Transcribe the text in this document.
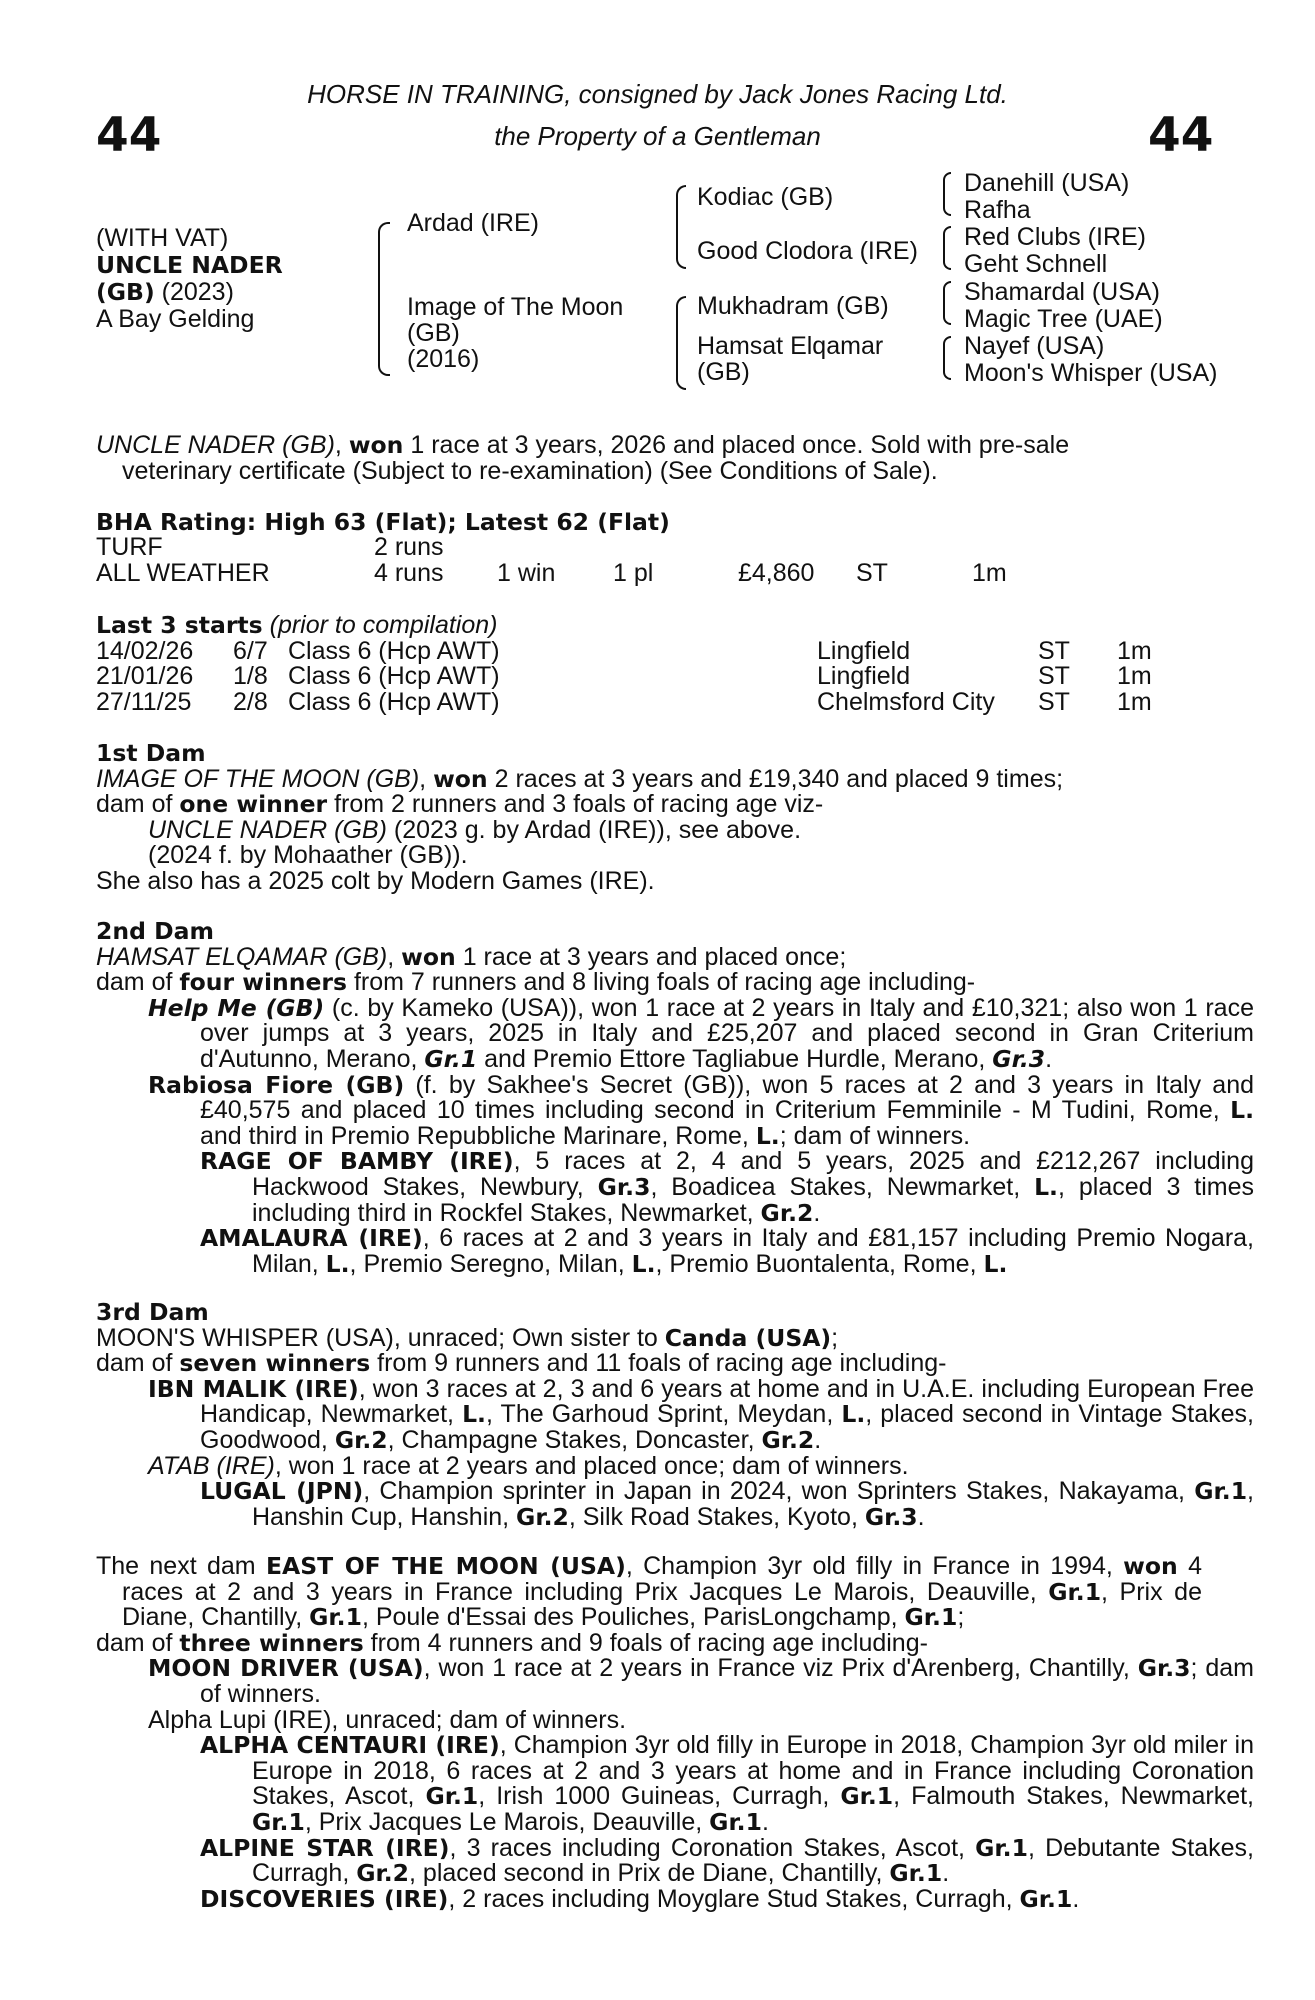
44	44
HORSE IN TRAINING, consigned by Jack Jones Racing Ltd.
the Property of a Gentleman
(WITH VAT)
UNCLE NADER
(GB) (2023)
A Bay Gelding
Ardad (IRE)
Image of The Moon
(GB)
(2016)
Kodiac (GB)
Good Clodora (IRE)
Mukhadram (GB)
Hamsat Elqamar
(GB)
Danehill (USA)
Rafha
Red Clubs (IRE)
Geht Schnell
Shamardal (USA)
Magic Tree (UAE)
Nayef (USA)
Moon's Whisper (USA)
UNCLE NADER (GB), won 1 race at 3 years, 2026 and placed once. Sold with pre-sale
veterinary certificate (Subject to re-examination) (See Conditions of Sale).
BHA Rating: High 63 (Flat); Latest 62 (Flat)
TURF	2 runs
ALL WEATHER	4 runs 1 win 1 pl	£4,860 ST	1m
Last 3 starts (prior to compilation)
14/02/26 6/7 Class 6 (Hcp AWT)	Lingfield	ST 1m
21/01/26 1/8 Class 6 (Hcp AWT)	Lingfield	ST 1m
27/11/25 2/8 Class 6 (Hcp AWT)	Chelmsford City ST 1m
1st Dam
IMAGE OF THE MOON (GB), won 2 races at 3 years and £19,340 and placed 9 times;
dam of one winner from 2 runners and 3 foals of racing age viz-
UNCLE NADER (GB) (2023 g. by Ardad (IRE)), see above.
(2024 f. by Mohaather (GB)).
She also has a 2025 colt by Modern Games (IRE).
2nd Dam
HAMSAT ELQAMAR (GB), won 1 race at 3 years and placed once;
dam of four winners from 7 runners and 8 living foals of racing age including-
Help Me (GB) (c. by Kameko (USA)), won 1 race at 2 years in Italy and £10,321; also won 1 race over jumps at 3 years, 2025 in Italy and £25,207 and placed second in Gran Criterium d'Autunno, Merano, Gr.1 and Premio Ettore Tagliabue Hurdle, Merano, Gr.3.
Rabiosa Fiore (GB) (f. by Sakhee's Secret (GB)), won 5 races at 2 and 3 years in Italy and £40,575 and placed 10 times including second in Criterium Femminile - M Tudini, Rome, L. and third in Premio Repubbliche Marinare, Rome, L.; dam of winners.
RAGE OF BAMBY (IRE), 5 races at 2, 4 and 5 years, 2025 and £212,267 including Hackwood Stakes, Newbury, Gr.3, Boadicea Stakes, Newmarket, L., placed 3 times including third in Rockfel Stakes, Newmarket, Gr.2.
AMALAURA (IRE), 6 races at 2 and 3 years in Italy and £81,157 including Premio Nogara, Milan, L., Premio Seregno, Milan, L., Premio Buontalenta, Rome, L.
3rd Dam
MOON'S WHISPER (USA), unraced; Own sister to Canda (USA);
dam of seven winners from 9 runners and 11 foals of racing age including-
IBN MALIK (IRE), won 3 races at 2, 3 and 6 years at home and in U.A.E. including European Free Handicap, Newmarket, L., The Garhoud Sprint, Meydan, L., placed second in Vintage Stakes, Goodwood, Gr.2, Champagne Stakes, Doncaster, Gr.2.
ATAB (IRE), won 1 race at 2 years and placed once; dam of winners.
LUGAL (JPN), Champion sprinter in Japan in 2024, won Sprinters Stakes, Nakayama, Gr.1, Hanshin Cup, Hanshin, Gr.2, Silk Road Stakes, Kyoto, Gr.3.
The next dam EAST OF THE MOON (USA), Champion 3yr old filly in France in 1994, won 4 races at 2 and 3 years in France including Prix Jacques Le Marois, Deauville, Gr.1, Prix de Diane, Chantilly, Gr.1, Poule d'Essai des Pouliches, ParisLongchamp, Gr.1;
dam of three winners from 4 runners and 9 foals of racing age including-
MOON DRIVER (USA), won 1 race at 2 years in France viz Prix d'Arenberg, Chantilly, Gr.3; dam of winners.
Alpha Lupi (IRE), unraced; dam of winners.
ALPHA CENTAURI (IRE), Champion 3yr old filly in Europe in 2018, Champion 3yr old miler in Europe in 2018, 6 races at 2 and 3 years at home and in France including Coronation Stakes, Ascot, Gr.1, Irish 1000 Guineas, Curragh, Gr.1, Falmouth Stakes, Newmarket, Gr.1, Prix Jacques Le Marois, Deauville, Gr.1.
ALPINE STAR (IRE), 3 races including Coronation Stakes, Ascot, Gr.1, Debutante Stakes, Curragh, Gr.2, placed second in Prix de Diane, Chantilly, Gr.1.
DISCOVERIES (IRE), 2 races including Moyglare Stud Stakes, Curragh, Gr.1.
